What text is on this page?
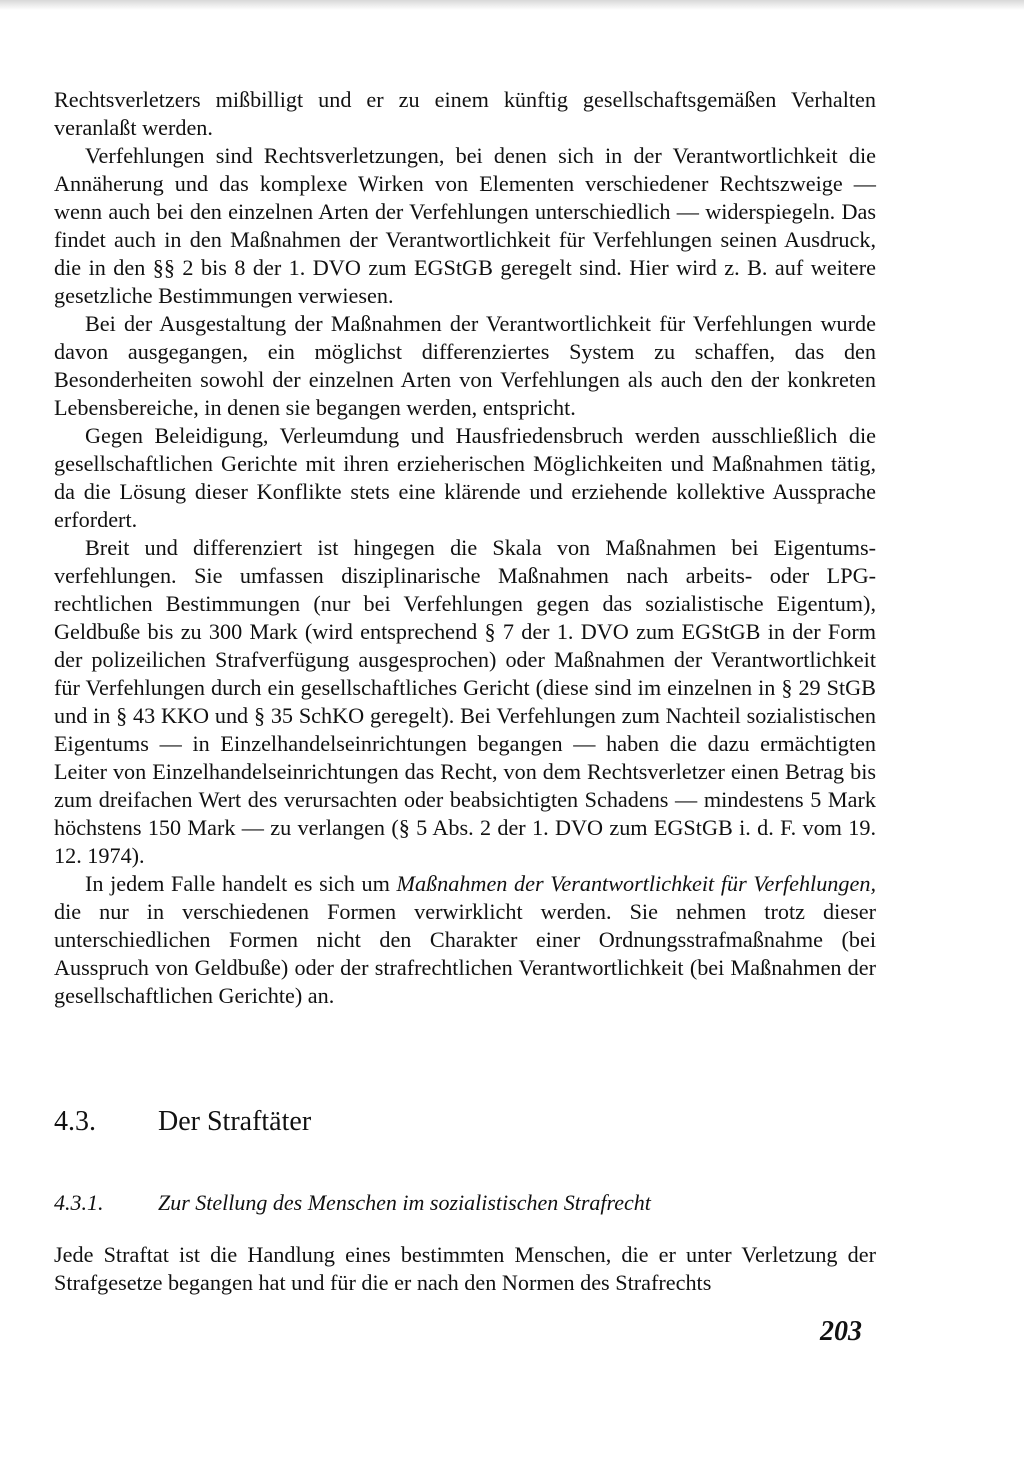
Rechtsverletzers mißbilligt und er zu einem künftig gesellschaftsgemäßen Verhalten veranlaßt werden.

Verfehlungen sind Rechtsverletzungen, bei denen sich in der Verantwortlichkeit die Annäherung und das komplexe Wirken von Elementen verschiedener Rechtszweige — wenn auch bei den einzelnen Arten der Verfehlungen unterschiedlich — widerspiegeln. Das findet auch in den Maßnahmen der Verantwortlichkeit für Verfehlungen seinen Ausdruck, die in den §§ 2 bis 8 der 1. DVO zum EGStGB geregelt sind. Hier wird z. B. auf weitere gesetzliche Bestimmungen verwiesen.

Bei der Ausgestaltung der Maßnahmen der Verantwortlichkeit für Verfehlungen wurde davon ausgegangen, ein möglichst differenziertes System zu schaffen, das den Besonderheiten sowohl der einzelnen Arten von Verfehlungen als auch den der konkreten Lebensbereiche, in denen sie begangen werden, entspricht.

Gegen Beleidigung, Verleumdung und Hausfriedensbruch werden ausschließlich die gesellschaftlichen Gerichte mit ihren erzieherischen Möglichkeiten und Maßnahmen tätig, da die Lösung dieser Konflikte stets eine klärende und erziehende kollektive Aussprache erfordert.

Breit und differenziert ist hingegen die Skala von Maßnahmen bei Eigentumsverfehlungen. Sie umfassen disziplinarische Maßnahmen nach arbeits- oder LPG-rechtlichen Bestimmungen (nur bei Verfehlungen gegen das sozialistische Eigentum), Geldbuße bis zu 300 Mark (wird entsprechend § 7 der 1. DVO zum EGStGB in der Form der polizeilichen Strafverfügung ausgesprochen) oder Maßnahmen der Verantwortlichkeit für Verfehlungen durch ein gesellschaftliches Gericht (diese sind im einzelnen in § 29 StGB und in § 43 KKO und § 35 SchKO geregelt). Bei Verfehlungen zum Nachteil sozialistischen Eigentums — in Einzelhandelseinrichtungen begangen — haben die dazu ermächtigten Leiter von Einzelhandelseinrichtungen das Recht, von dem Rechtsverletzer einen Betrag bis zum dreifachen Wert des verursachten oder beabsichtigten Schadens — mindestens 5 Mark höchstens 150 Mark — zu verlangen (§ 5 Abs. 2 der 1. DVO zum EGStGB i. d. F. vom 19. 12. 1974).

In jedem Falle handelt es sich um Maßnahmen der Verantwortlichkeit für Verfehlungen, die nur in verschiedenen Formen verwirklicht werden. Sie nehmen trotz dieser unterschiedlichen Formen nicht den Charakter einer Ordnungsstrafmaßnahme (bei Ausspruch von Geldbuße) oder der strafrechtlichen Verantwortlichkeit (bei Maßnahmen der gesellschaftlichen Gerichte) an.

4.3. Der Straftäter
4.3.1. Zur Stellung des Menschen im sozialistischen Strafrecht

Jede Straftat ist die Handlung eines bestimmten Menschen, die er unter Verletzung der Strafgesetze begangen hat und für die er nach den Normen des Strafrechts

203
